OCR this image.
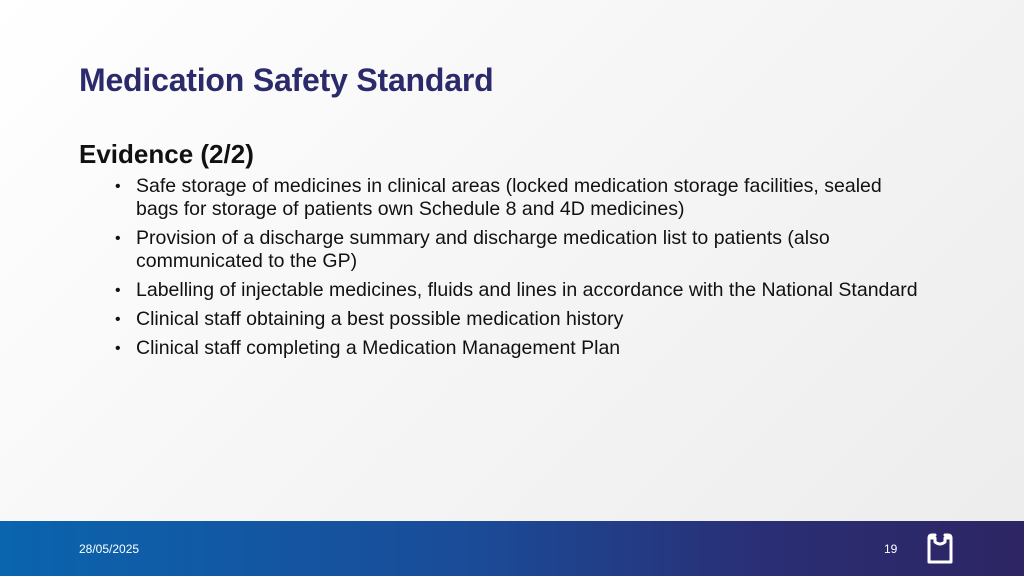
Medication Safety Standard
Evidence (2/2)
• Safe storage of medicines in clinical areas (locked medication storage facilities, sealed bags for storage of patients own Schedule 8 and 4D medicines)
• Provision of a discharge summary and discharge medication list to patients (also communicated to the GP)
• Labelling of injectable medicines, fluids and lines in accordance with the National Standard
• Clinical staff obtaining a best possible medication history
• Clinical staff completing a Medication Management Plan
28/05/2025	19
